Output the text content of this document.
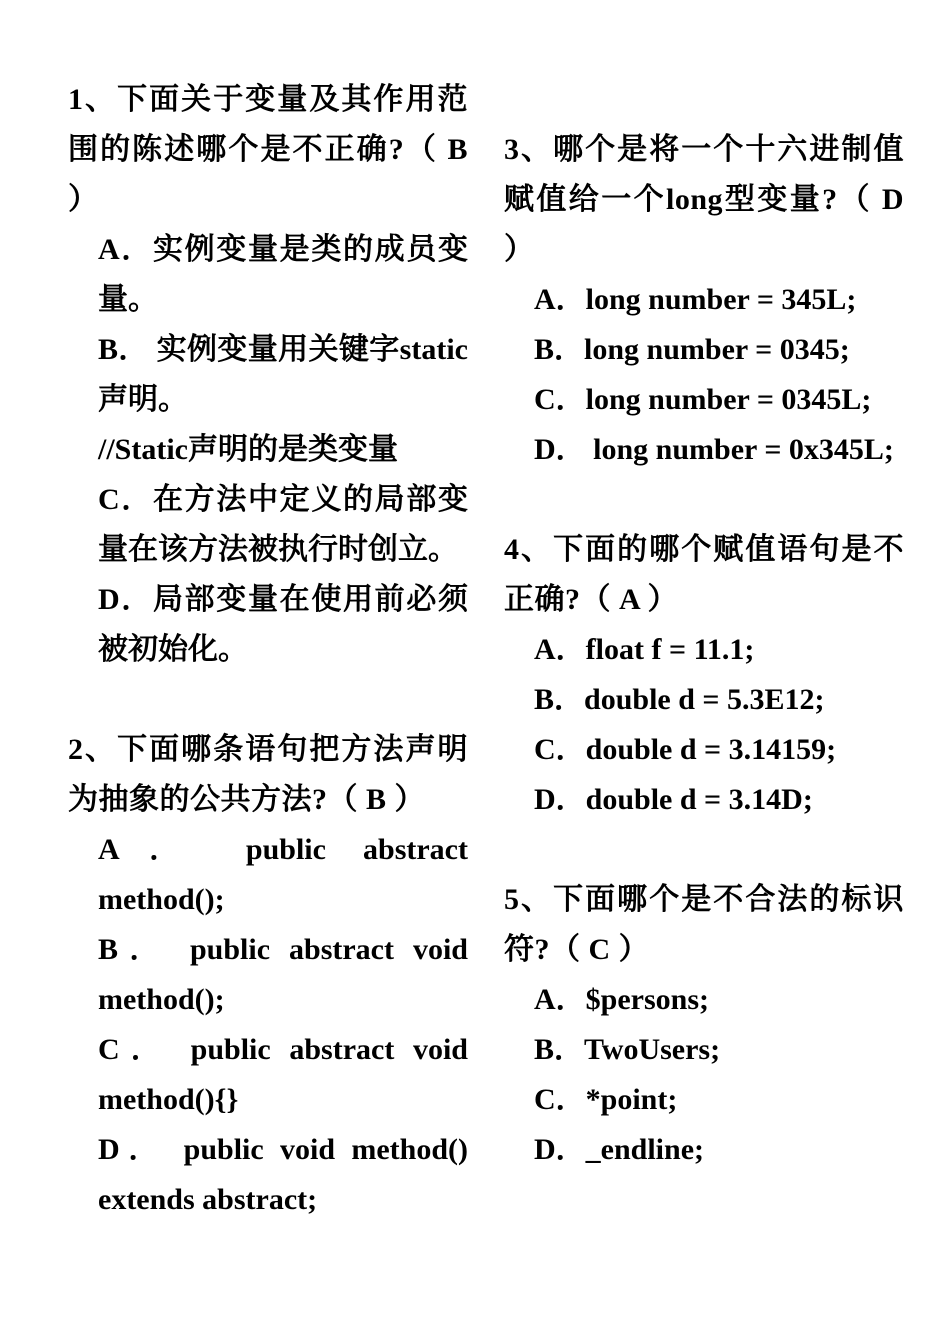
1、下面关于变量及其作用范围的陈述哪个是不正确?（ B ）

A．实例变量是类的成员变量。

B． 实例变量用关键字static声明。

//Static声明的是类变量

C．在方法中定义的局部变量在该方法被执行时创立。

D．局部变量在使用前必须被初始化。

2、下面哪条语句把方法声明为抽象的公共方法?（ B ）

A． public abstract method();

B． public abstract void method();

C． public abstract void method(){}

D． public void method() extends abstract;

3、哪个是将一个十六进制值赋值给一个long型变量?（ D ）

A．long number = 345L;

B．long number = 0345;

C．long number = 0345L;

D． long number = 0x345L;

4、下面的哪个赋值语句是不正确?（ A ）

A．float f = 11.1;

B．double d = 5.3E12;

C．double d = 3.14159;

D．double d = 3.14D;

5、下面哪个是不合法的标识符?（ C ）

A．$persons;

B．TwoUsers;

C．*point;

D．_endline;
